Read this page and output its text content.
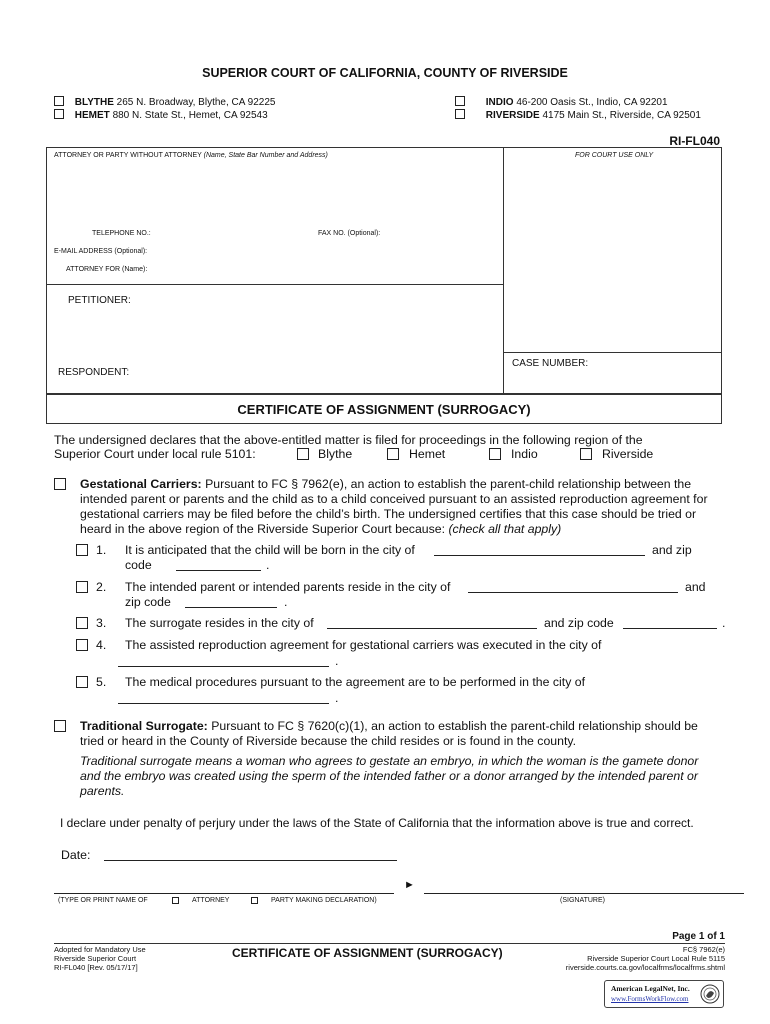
SUPERIOR COURT OF CALIFORNIA, COUNTY OF RIVERSIDE
BLYTHE 265 N. Broadway, Blythe, CA 92225
HEMET 880 N. State St., Hemet, CA 92543
INDIO 46-200 Oasis St., Indio, CA 92201
RIVERSIDE 4175 Main St., Riverside, CA 92501
RI-FL040
ATTORNEY OR PARTY WITHOUT ATTORNEY (Name, State Bar Number and Address)	FOR COURT USE ONLY
TELEPHONE NO.:	FAX NO. (Optional):
E-MAIL ADDRESS (Optional):
ATTORNEY FOR (Name):
PETITIONER:
RESPONDENT:
CASE NUMBER:
CERTIFICATE OF ASSIGNMENT (SURROGACY)
The undersigned declares that the above-entitled matter is filed for proceedings in the following region of the
Superior Court under local rule 5101:	Blythe	Hemet	Indio	Riverside
Gestational Carriers: Pursuant to FC § 7962(e), an action to establish the parent-child relationship between the
intended parent or parents and the child as to a child conceived pursuant to an assisted reproduction agreement for
gestational carriers may be filed before the child’s birth. The undersigned certifies that this case should be tried or
heard in the above region of the Riverside Superior Court because: (check all that apply)
1. It is anticipated that the child will be born in the city of	and zip
code	.
2. The intended parent or intended parents reside in the city of	and
zip code	.
3. The surrogate resides in the city of	and zip code	.
4. The assisted reproduction agreement for gestational carriers was executed in the city of
.
5. The medical procedures pursuant to the agreement are to be performed in the city of
.
Traditional Surrogate: Pursuant to FC § 7620(c)(1), an action to establish the parent-child relationship should be
tried or heard in the County of Riverside because the child resides or is found in the county.
Traditional surrogate means a woman who agrees to gestate an embryo, in which the woman is the gamete donor
and the embryo was created using the sperm of the intended father or a donor arranged by the intended parent or
parents.
I declare under penalty of perjury under the laws of the State of California that the information above is true and correct.
Date:
►
(TYPE OR PRINT NAME OF	ATTORNEY	PARTY MAKING DECLARATION)	(SIGNATURE)
Page 1 of 1
Adopted for Mandatory Use
Riverside Superior Court
RI-FL040 [Rev. 05/17/17]
CERTIFICATE OF ASSIGNMENT (SURROGACY)	FC§ 7962(e)
Riverside Superior Court Local Rule 5115
riverside.courts.ca.gov/localfrms/localfrms.shtml
American LegalNet, Inc.
www.FormsWorkFlow.com
